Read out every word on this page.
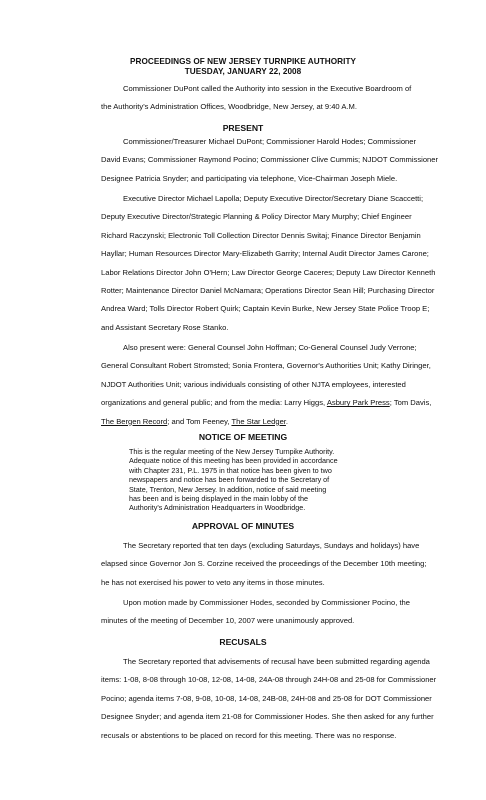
PROCEEDINGS OF NEW JERSEY TURNPIKE AUTHORITY
TUESDAY, JANUARY 22, 2008
Commissioner DuPont called the Authority into session in the Executive Boardroom of
the Authority's Administration Offices, Woodbridge, New Jersey, at 9:40 A.M.
PRESENT
Commissioner/Treasurer Michael DuPont; Commissioner Harold Hodes; Commissioner
David Evans; Commissioner Raymond Pocino; Commissioner Clive Cummis; NJDOT Commissioner
Designee Patricia Snyder; and participating via telephone, Vice-Chairman Joseph Miele.
Executive Director Michael Lapolla; Deputy Executive Director/Secretary Diane Scaccetti;
Deputy Executive Director/Strategic Planning & Policy Director Mary Murphy; Chief Engineer
Richard Raczynski; Electronic Toll Collection Director Dennis Switaj; Finance Director Benjamin
Hayllar; Human Resources Director Mary-Elizabeth Garrity; Internal Audit Director James Carone;
Labor Relations Director John O'Hern; Law Director George Caceres; Deputy Law Director Kenneth
Rotter; Maintenance Director Daniel McNamara; Operations Director Sean Hill; Purchasing Director
Andrea Ward; Tolls Director Robert Quirk; Captain Kevin Burke, New Jersey State Police Troop E;
and Assistant Secretary Rose Stanko.
Also present were: General Counsel John Hoffman; Co-General Counsel Judy Verrone;
General Consultant Robert Stromsted; Sonia Frontera, Governor's Authorities Unit; Kathy Diringer,
NJDOT Authorities Unit; various individuals consisting of other NJTA employees, interested
organizations and general public; and from the media: Larry Higgs, Asbury Park Press; Tom Davis,
The Bergen Record; and Tom Feeney, The Star Ledger.
NOTICE OF MEETING
This is the regular meeting of the New Jersey Turnpike Authority.
Adequate notice of this meeting has been provided in accordance
with Chapter 231, P.L. 1975 in that notice has been given to two
newspapers and notice has been forwarded to the Secretary of
State, Trenton, New Jersey. In addition, notice of said meeting
has been and is being displayed in the main lobby of the
Authority's Administration Headquarters in Woodbridge.
APPROVAL OF MINUTES
The Secretary reported that ten days (excluding Saturdays, Sundays and holidays) have
elapsed since Governor Jon S. Corzine received the proceedings of the December 10th meeting;
he has not exercised his power to veto any items in those minutes.
Upon motion made by Commissioner Hodes, seconded by Commissioner Pocino, the
minutes of the meeting of December 10, 2007 were unanimously approved.
RECUSALS
The Secretary reported that advisements of recusal have been submitted regarding agenda
items: 1-08, 8-08 through 10-08, 12-08, 14-08, 24A-08 through 24H-08 and 25-08 for Commissioner
Pocino; agenda items 7-08, 9-08, 10-08, 14-08, 24B-08, 24H-08 and 25-08 for DOT Commissioner
Designee Snyder; and agenda item 21-08 for Commissioner Hodes. She then asked for any further
recusals or abstentions to be placed on record for this meeting. There was no response.
